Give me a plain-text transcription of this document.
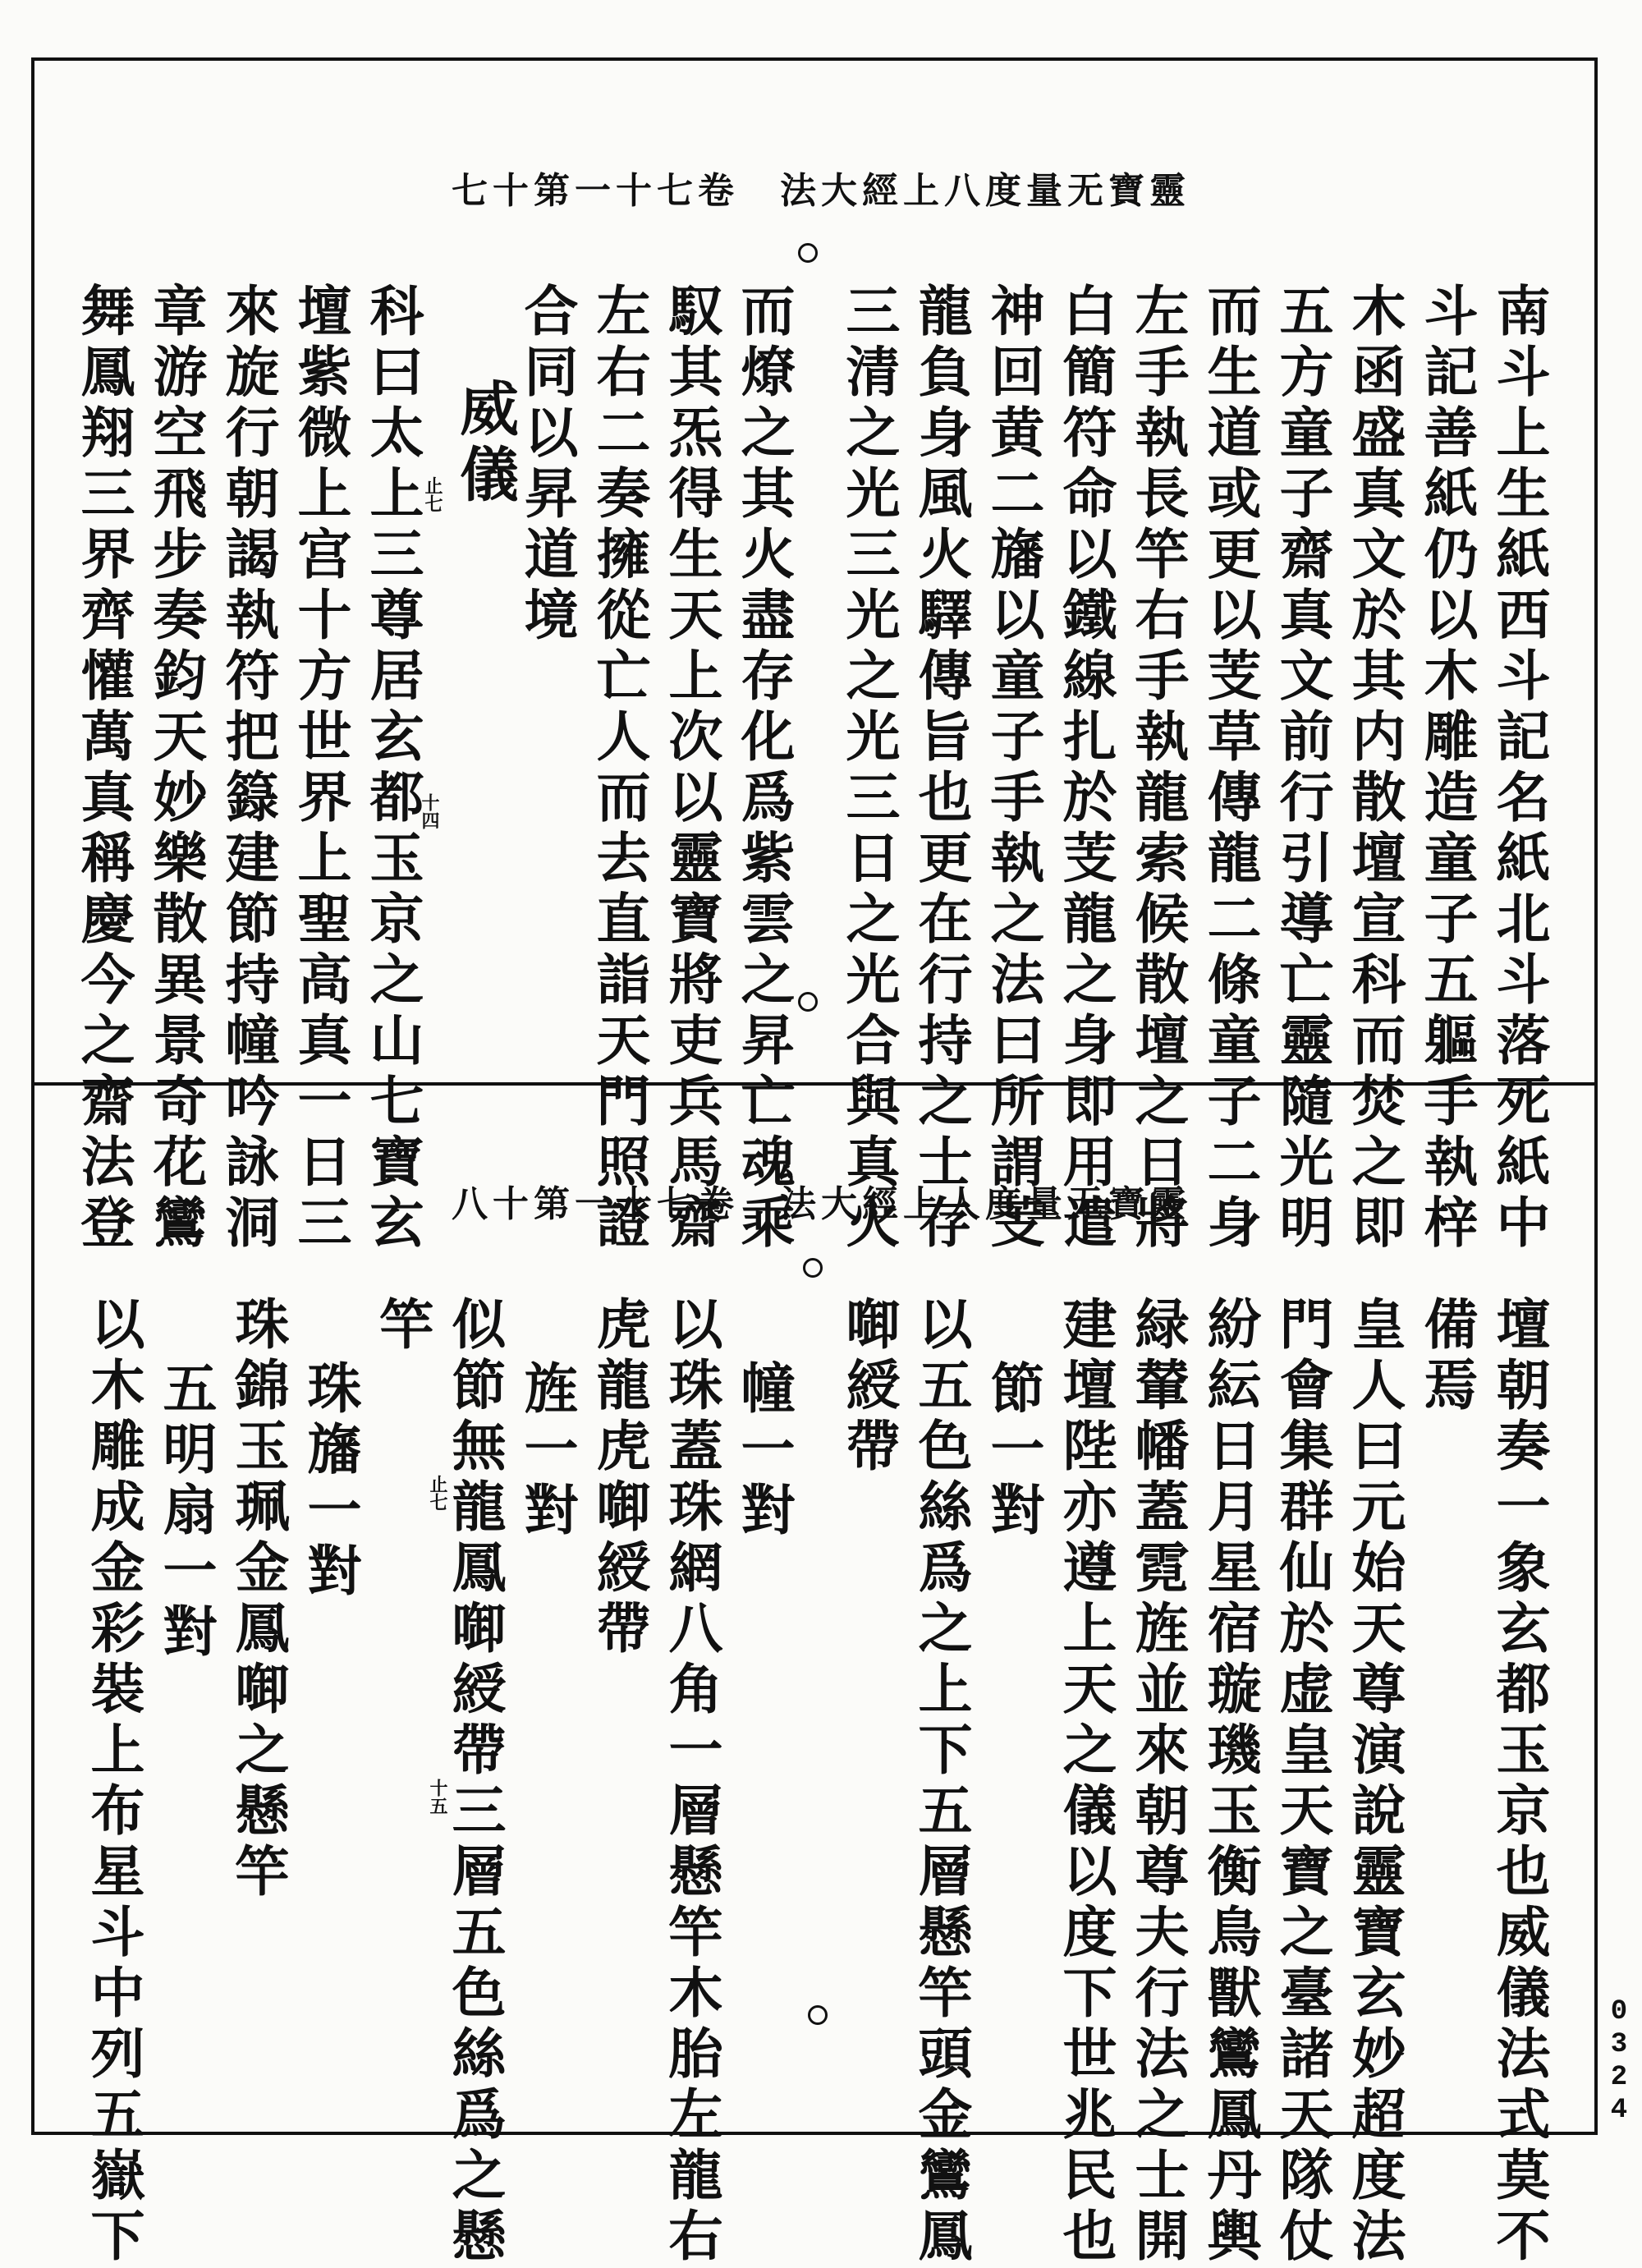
七十第一十七卷 法大經上八度量无寶靈
南斗上生紙西斗記名紙北斗落死紙中
斗記善紙仍以木雕造童子五軀手執梓
木函盛真文於其内散壇宣科而焚之即
五方童子齋真文前行引導亡靈隨光明
而生道或更以芰草傳龍二條童子二身
左手執長竿右手執龍索候散壇之日將
白簡符命以鐵線扎於芰龍之身即用遣
神回黄二旛以童子手執之法曰所謂芰
龍負身風火驛傳旨也更在行持之士存
三清之光三光之光三日之光合與真火
而燎之其火盡存化爲紫雲之昇亡魂乘
馭其炁得生天上次以靈寶將吏兵馬齋
左右二奏擁從亡人而去直詣天門照證
合同以昇道境
威儀
科曰太上三尊居玄都玉京之山七寶玄
壇紫微上宫十方世界上聖高真一日三
來旋行朝謁執符把籙建節持幢吟詠洞
章游空飛步奏鈞天妙樂散異景奇花鸞
舞鳳翔三界齊懽萬真稱慶今之齋法登	十四
止七
八十第一十七卷 法大經上人度量无寶靈
壇朝奏一象玄都玉京也威儀法式莫不
備焉
皇人曰元始天尊演說靈寶玄妙超度法
門會集群仙於虚皇天寶之臺諸天隊仗
紛紜日月星宿璇璣玉衡鳥獸鸞鳳丹輿
緑輦幡蓋霓旌並來朝尊夫行法之士開
建壇陛亦遵上天之儀以度下世兆民也
節一對
以五色絲爲之上下五層懸竿頭金鸞鳳
啣綬帶
幢一對
以珠蓋珠網八角一層懸竿木胎左龍右
虎龍虎啣綬帶
旌一對
似節無龍鳳啣綬帶三層五色絲爲之懸
竿
珠旛一對
珠錦玉珮金鳳啣之懸竿
五明扇一對
以木雕成金彩裝上布星斗中列五嶽下	十五
止七
0
3
2
4
